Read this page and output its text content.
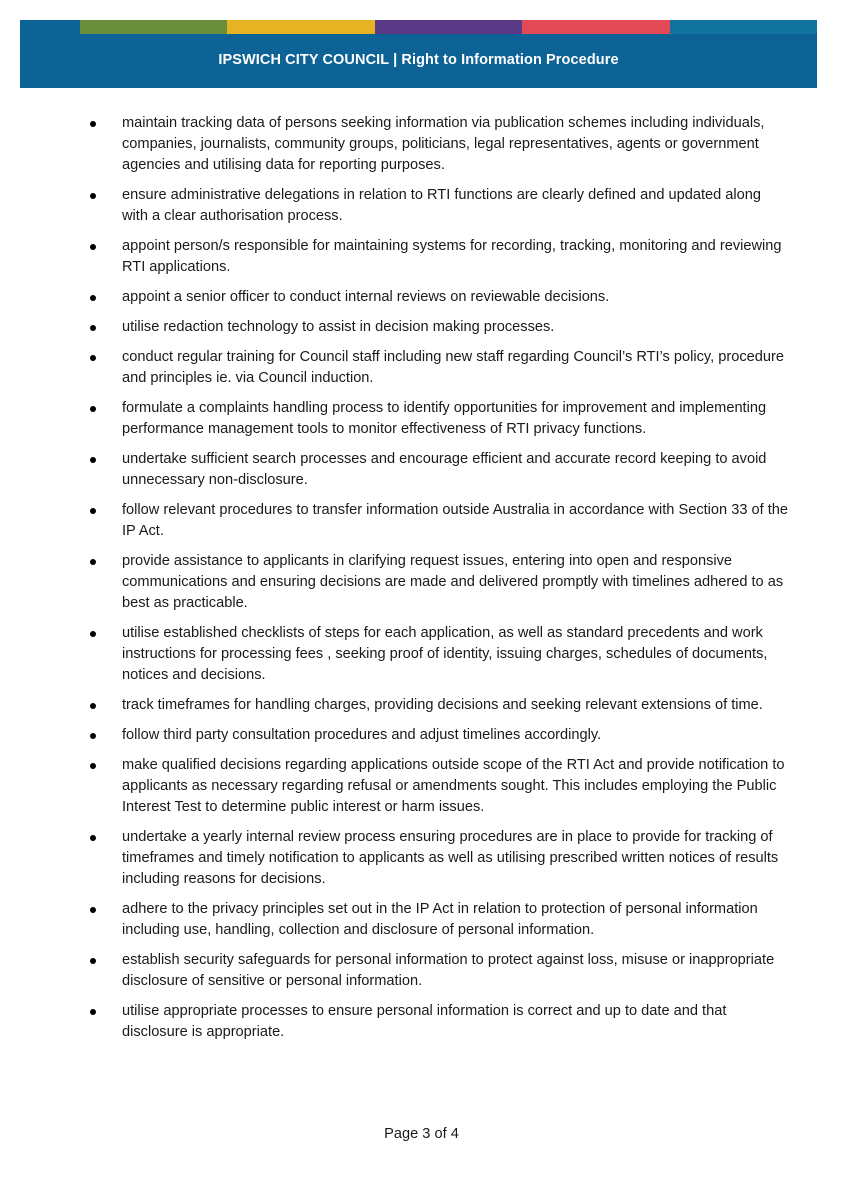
IPSWICH CITY COUNCIL | Right to Information Procedure
maintain tracking data of persons seeking information via publication schemes including individuals, companies, journalists, community groups, politicians, legal representatives, agents or government agencies and utilising data for reporting purposes.
ensure administrative delegations in relation to RTI functions are clearly defined and updated along with a clear authorisation process.
appoint person/s responsible for maintaining systems for recording, tracking, monitoring and reviewing RTI applications.
appoint a senior officer to conduct internal reviews on reviewable decisions.
utilise redaction technology to assist in decision making processes.
conduct regular training for Council staff including new staff regarding Council’s RTI’s policy, procedure and principles ie. via Council induction.
formulate a complaints handling process to identify opportunities for improvement and implementing performance management tools to monitor effectiveness of RTI privacy functions.
undertake sufficient search processes and encourage efficient and accurate record keeping to avoid unnecessary non-disclosure.
follow relevant procedures to transfer information outside Australia in accordance with Section 33 of the IP Act.
provide assistance to applicants in clarifying request issues, entering into open and responsive communications and ensuring decisions are made and delivered promptly with timelines adhered to as best as practicable.
utilise established checklists of steps for each application, as well as standard precedents and work instructions for processing fees , seeking proof of identity, issuing charges, schedules of documents, notices and decisions.
track timeframes for handling charges, providing decisions and seeking relevant extensions of time.
follow third party consultation procedures and adjust timelines accordingly.
make qualified decisions regarding applications outside scope of the RTI Act and provide notification to applicants as necessary regarding refusal or amendments sought. This includes employing the Public Interest Test to determine public interest or harm issues.
undertake a yearly internal review process ensuring procedures are in place to provide for tracking of timeframes and timely notification to applicants as well as utilising prescribed written notices of results including reasons for decisions.
adhere to the privacy principles set out in the IP Act in relation to protection of personal information including use, handling, collection and disclosure of personal information.
establish security safeguards for personal information to protect against loss, misuse or inappropriate disclosure of sensitive or personal information.
utilise appropriate processes to ensure personal information is correct and up to date and that disclosure is appropriate.
Page 3 of 4
